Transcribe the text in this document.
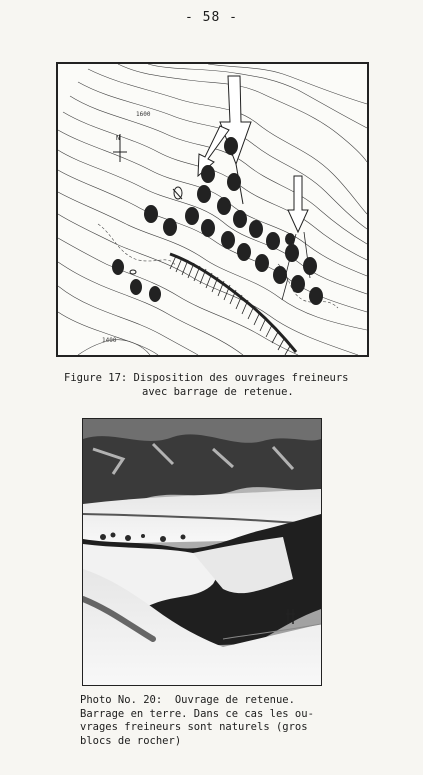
- 58 -
1600
1400
N
Figure 17: Disposition des ouvrages freineurs
avec barrage de retenue.
Photo No. 20:  Ouvrage de retenue.
Barrage en terre. Dans ce cas les ou-
vrages freineurs sont naturels (gros
blocs de rocher)
